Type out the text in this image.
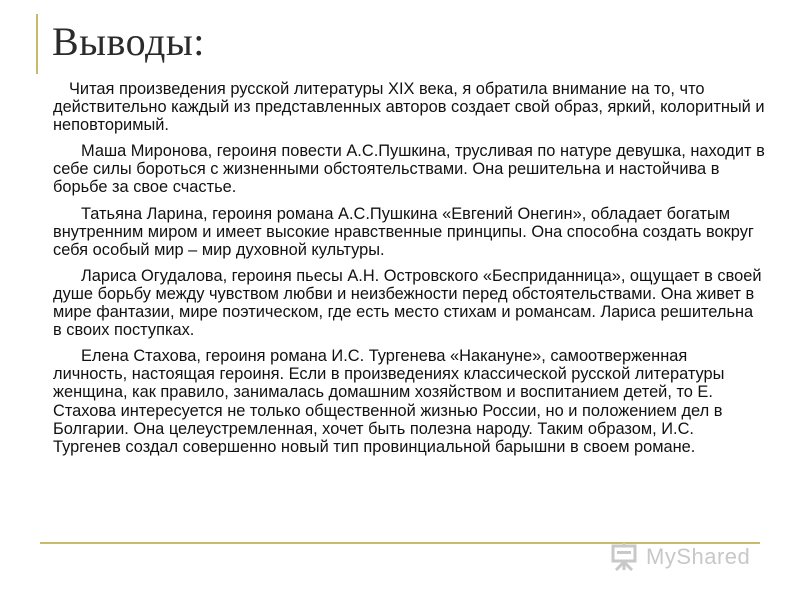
Выводы:

Читая произведения русской литературы XIX века, я обратила внимание на то, что действительно каждый из представленных авторов создает свой образ, яркий, колоритный и неповторимый.

Маша Миронова, героиня повести А.С.Пушкина, трусливая по натуре девушка, находит в себе силы бороться с жизненными обстоятельствами. Она решительна и настойчива в борьбе за свое счастье.

Татьяна Ларина, героиня романа А.С.Пушкина «Евгений Онегин», обладает богатым внутренним миром и имеет высокие нравственные принципы. Она способна создать вокруг себя особый мир – мир духовной культуры.

Лариса Огудалова, героиня пьесы А.Н. Островского «Бесприданница», ощущает в своей душе борьбу между чувством любви и неизбежности перед обстоятельствами. Она живет в мире фантазии, мире поэтическом, где есть место стихам и романсам. Лариса решительна в своих поступках.

Елена Стахова, героиня романа И.С. Тургенева «Накануне», самоотверженная личность, настоящая героиня. Если в произведениях классической русской литературы женщина, как правило, занималась домашним хозяйством и воспитанием детей, то Е. Стахова интересуется не только общественной жизнью России, но и положением дел в Болгарии. Она целеустремленная, хочет быть полезна народу. Таким образом, И.С. Тургенев создал совершенно новый тип провинциальной барышни в своем романе.

MyShared
